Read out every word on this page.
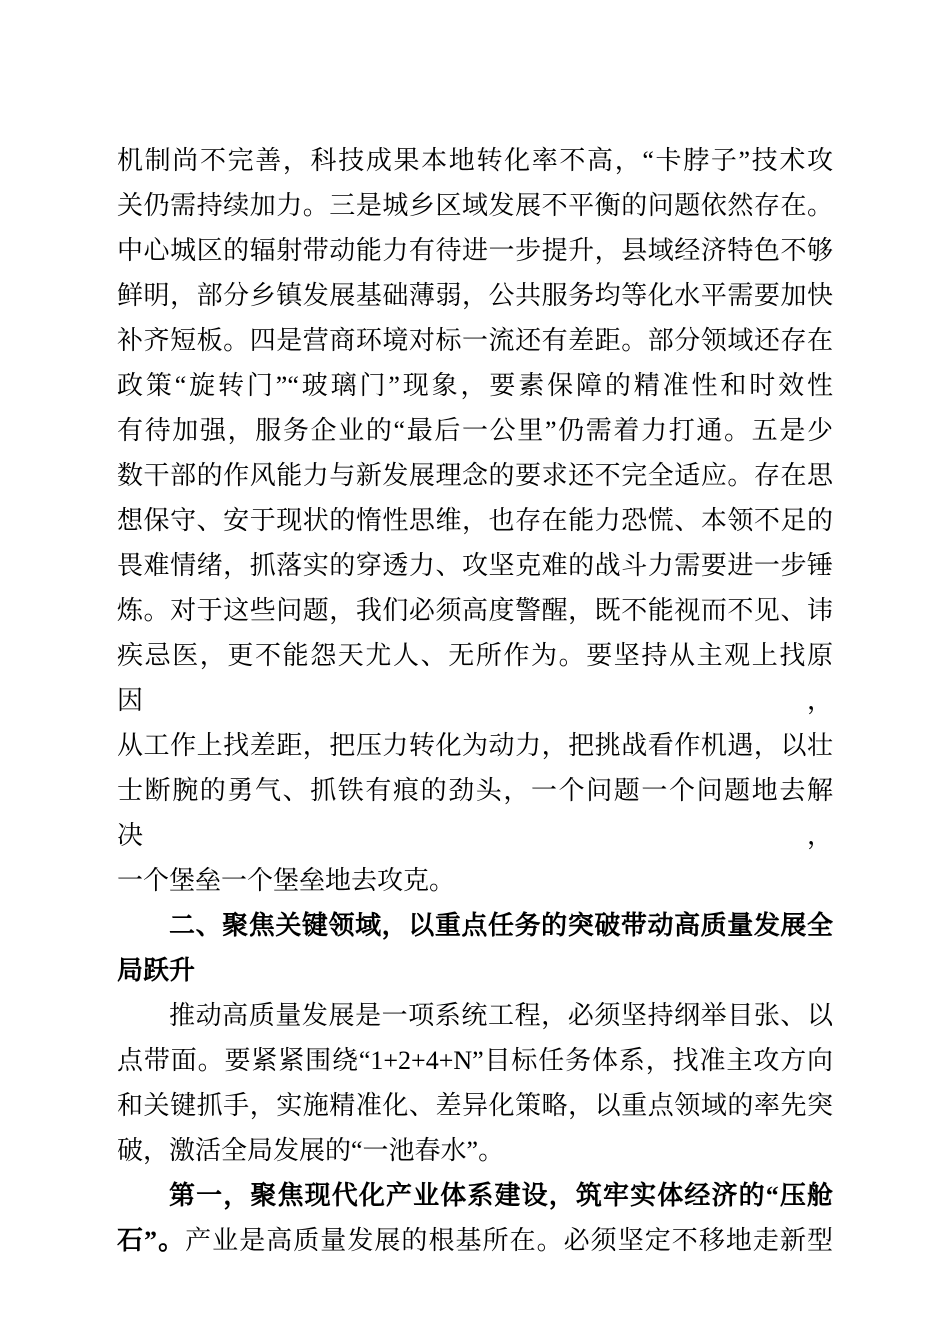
机制尚不完善，科技成果本地转化率不高，“卡脖子”技术攻
关仍需持续加力。三是城乡区域发展不平衡的问题依然存在。
中心城区的辐射带动能力有待进一步提升，县域经济特色不够
鲜明，部分乡镇发展基础薄弱，公共服务均等化水平需要加快
补齐短板。四是营商环境对标一流还有差距。部分领域还存在
政策“旋转门”“玻璃门”现象，要素保障的精准性和时效性
有待加强，服务企业的“最后一公里”仍需着力打通。五是少
数干部的作风能力与新发展理念的要求还不完全适应。存在思
想保守、安于现状的惰性思维，也存在能力恐慌、本领不足的
畏难情绪，抓落实的穿透力、攻坚克难的战斗力需要进一步锤
炼。对于这些问题，我们必须高度警醒，既不能视而不见、讳
疾忌医，更不能怨天尤人、无所作为。要坚持从主观上找原因，
从工作上找差距，把压力转化为动力，把挑战看作机遇，以壮
士断腕的勇气、抓铁有痕的劲头，一个问题一个问题地去解决，
一个堡垒一个堡垒地去攻克。
二、聚焦关键领域，以重点任务的突破带动高质量发展全
局跃升
推动高质量发展是一项系统工程，必须坚持纲举目张、以
点带面。要紧紧围绕“1+2+4+N”目标任务体系，找准主攻方向
和关键抓手，实施精准化、差异化策略，以重点领域的率先突
破，激活全局发展的“一池春水”。
第一，聚焦现代化产业体系建设，筑牢实体经济的“压舱
石”。产业是高质量发展的根基所在。必须坚定不移地走新型
